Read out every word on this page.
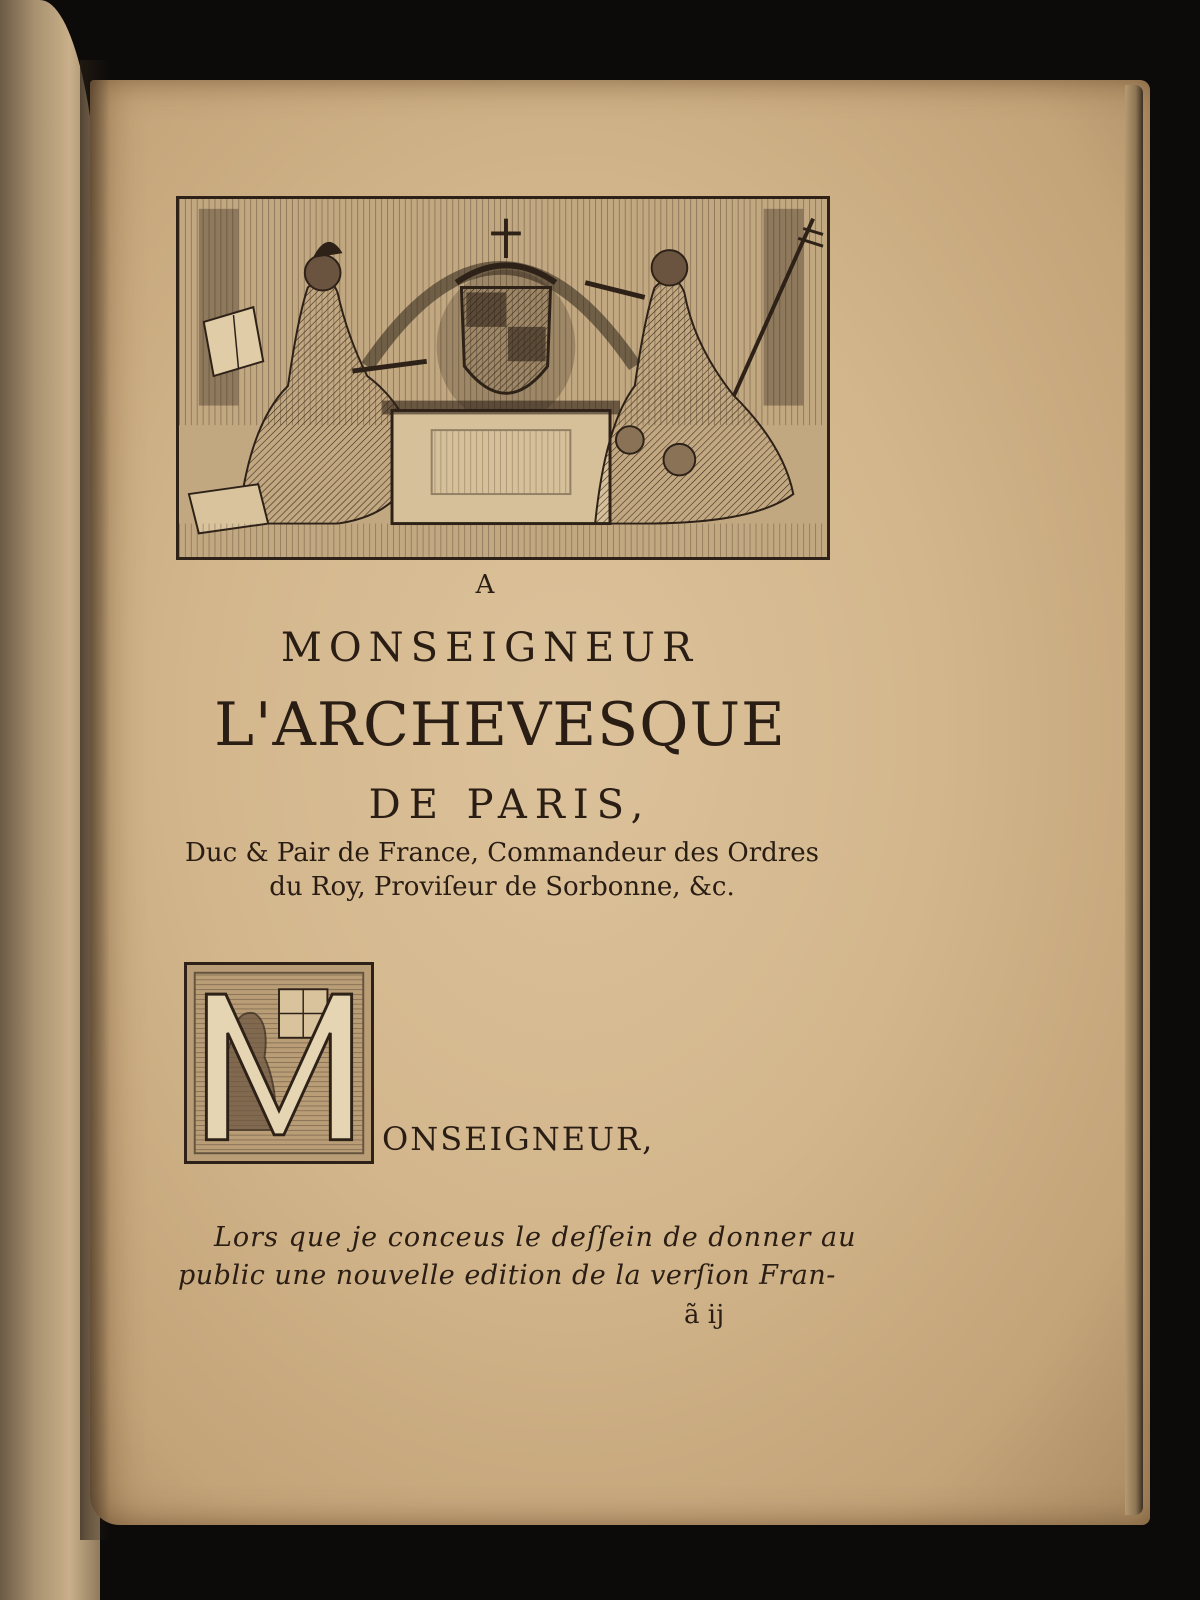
A
MONSEIGNEUR
L'ARCHEVESQUE
DE PARIS,
Duc & Pair de France, Commandeur des Ordres
du Roy, Proviſeur de Sorbonne, &c.
ONSEIGNEUR,
Lors que je conceus le deſſein de donner au
public une nouvelle edition de la verſion Fran-
ã ij
